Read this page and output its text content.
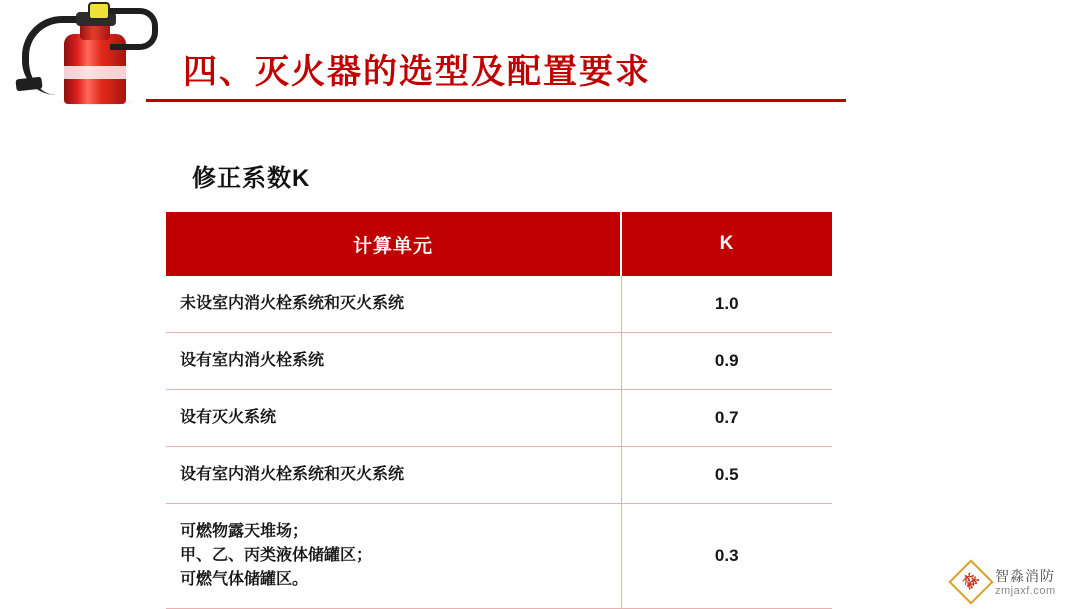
四、灭火器的选型及配置要求
修正系数K
计算单元	K
未设室内消火栓系统和灭火系统	1.0
设有室内消火栓系统	0.9
设有灭火系统	0.7
设有室内消火栓系统和灭火系统	0.5

可燃物露天堆场；
甲、乙、丙类液体储罐区；
可燃气体储罐区。	0.3
淼 智淼消防
zmjaxf.com
